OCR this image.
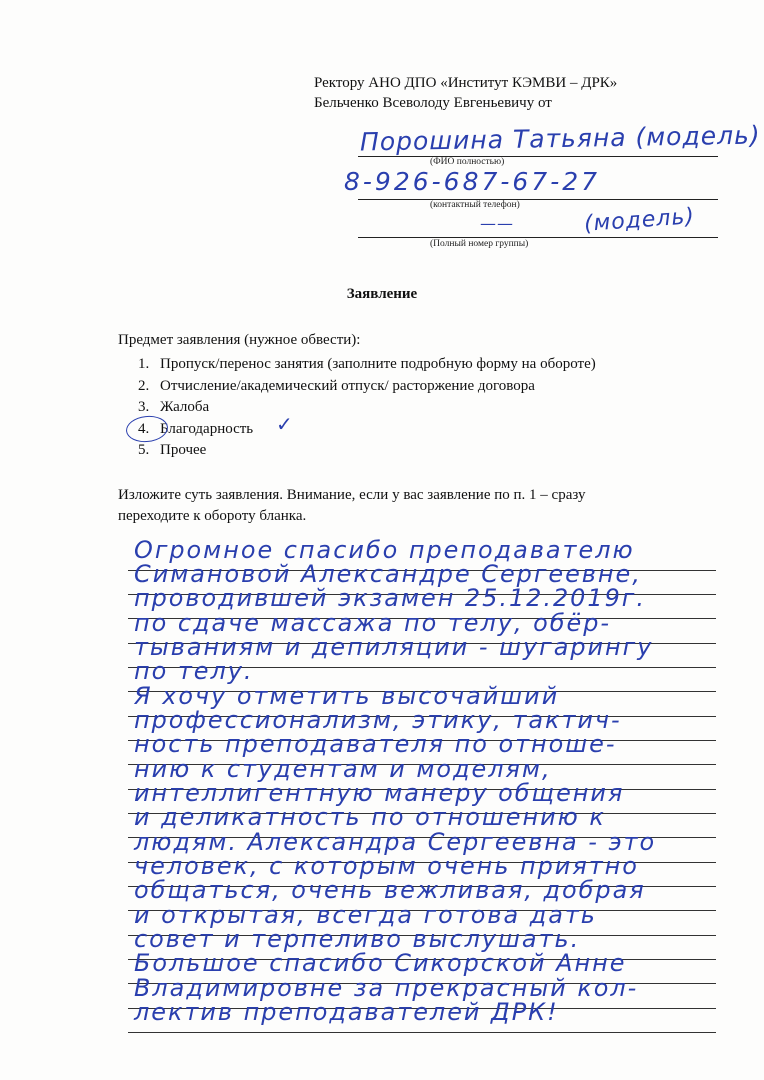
Ректору АНО ДПО «Институт КЭМВИ – ДРК»
Бельченко Всеволоду Евгеньевичу от
Порошина Татьяна (модель)
(ФИО полностью)
8-926-687-67-27
(контактный телефон)
——	(модель)
(Полный номер группы)
Заявление
Предмет заявления (нужное обвести):
1. Пропуск/перенос занятия (заполните подробную форму на обороте)
2. Отчисление/академический отпуск/ расторжение договора
3. Жалоба
4. Благодарность
5. Прочее
✓
Изложите суть заявления. Внимание, если у вас заявление по п. 1 – сразу
переходите к обороту бланка.
Огромное спасибо преподавателю
Симановой Александре Сергеевне,
проводившей экзамен 25.12.2019г.
по сдаче массажа по телу, обёр-
тываниям и депиляции - шугарингу
по телу.
Я хочу отметить высочайший
профессионализм, этику, тактич-
ность преподавателя по отноше-
нию к студентам и моделям,
интеллигентную манеру общения
и деликатность по отношению к
людям. Александра Сергеевна - это
человек, с которым очень приятно
общаться, очень вежливая, добрая
и открытая, всегда готова дать
совет и терпеливо выслушать.
Большое спасибо Сикорской Анне
Владимировне за прекрасный кол-
лектив преподавателей ДРК!
